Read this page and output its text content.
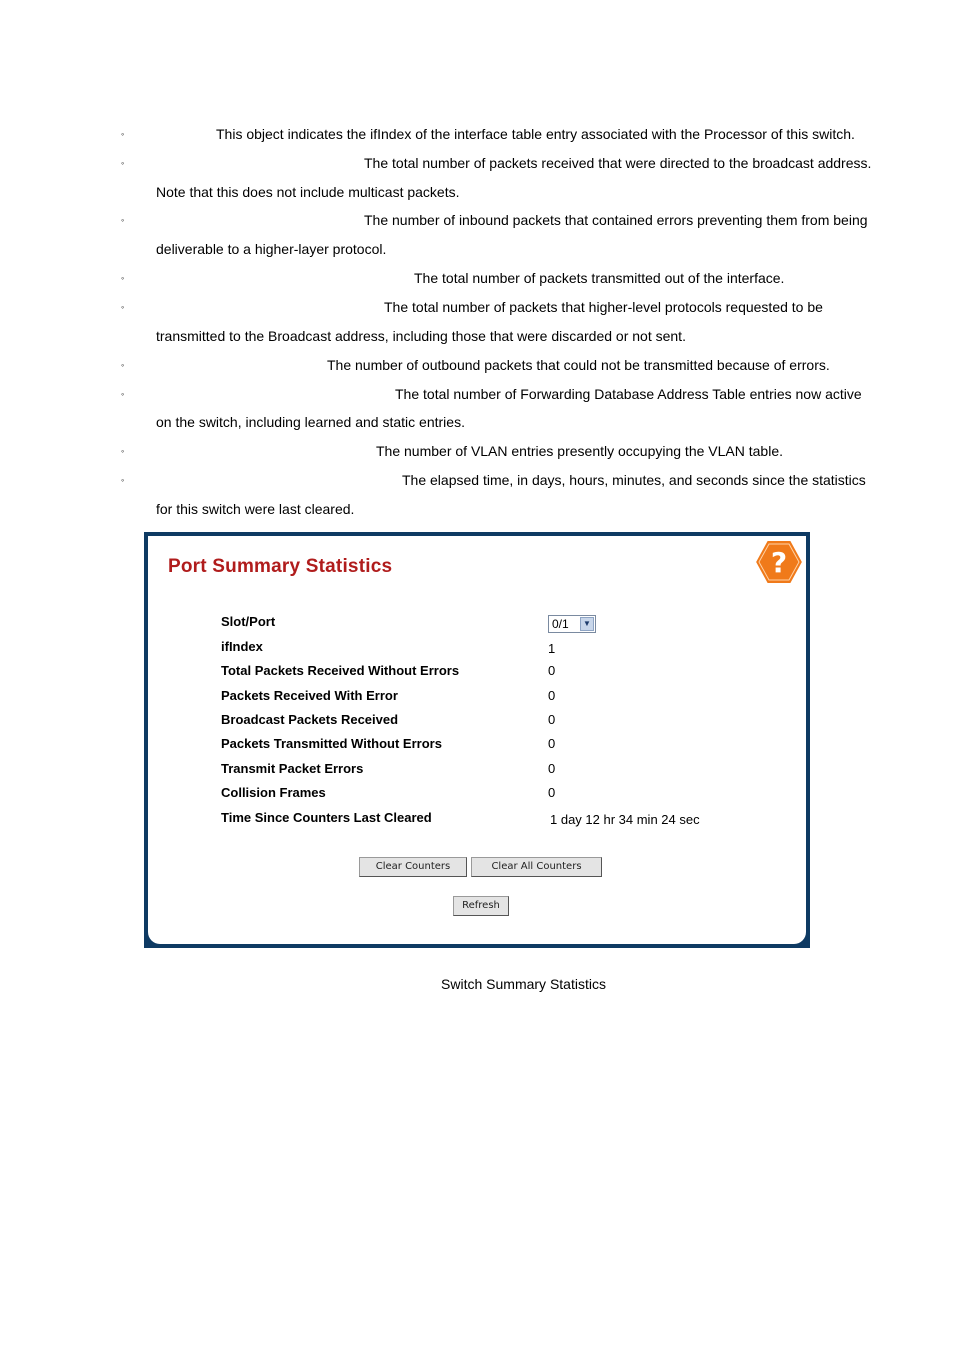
◦	This object indicates the ifIndex of the interface table entry associated with the Processor of this switch.
◦	The total number of packets received that were directed to the broadcast address.
Note that this does not include multicast packets.
◦	The number of inbound packets that contained errors preventing them from being
deliverable to a higher-layer protocol.
◦	The total number of packets transmitted out of the interface.
◦	The total number of packets that higher-level protocols requested to be
transmitted to the Broadcast address, including those that were discarded or not sent.
◦	The number of outbound packets that could not be transmitted because of errors.
◦	The total number of Forwarding Database Address Table entries now active
on the switch, including learned and static entries.
◦	The number of VLAN entries presently occupying the VLAN table.
◦	The elapsed time, in days, hours, minutes, and seconds since the statistics
for this switch were last cleared.
Port Summary Statistics	?
Slot/Port	0/1	▼
ifIndex	1
Total Packets Received Without Errors	0
Packets Received With Error	0
Broadcast Packets Received	0
Packets Transmitted Without Errors	0
Transmit Packet Errors	0
Collision Frames	0
Time Since Counters Last Cleared	1 day 12 hr 34 min 24 sec
Clear Counters	Clear All Counters
Refresh
Switch Summary Statistics
